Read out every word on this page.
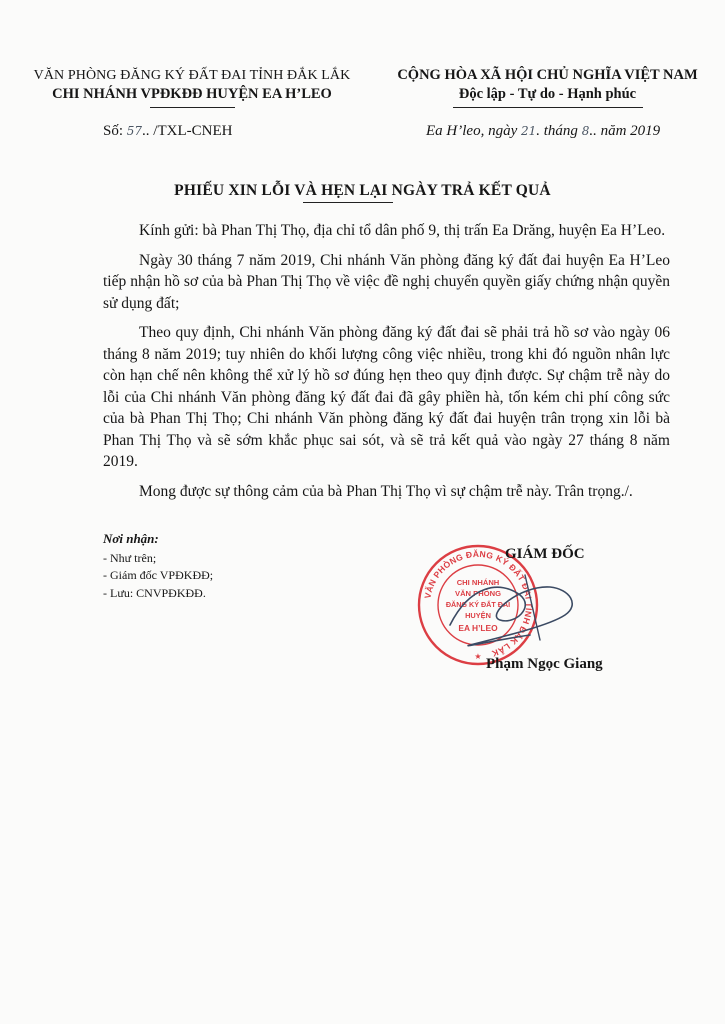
VĂN PHÒNG ĐĂNG KÝ ĐẤT ĐAI TỈNH ĐẮK LẮK
CHI NHÁNH VPĐKĐĐ HUYỆN EA H’LEO
CỘNG HÒA XÃ HỘI CHỦ NGHĨA VIỆT NAM
Độc lập - Tự do - Hạnh phúc
Số: 57.. /TXL-CNEH	Ea H’leo, ngày 21. tháng 8.. năm 2019
PHIẾU XIN LỖI VÀ HẸN LẠI NGÀY TRẢ KẾT QUẢ

Kính gửi: bà Phan Thị Thọ, địa chỉ tổ dân phố 9, thị trấn Ea Drăng, huyện Ea H’Leo.

Ngày 30 tháng 7 năm 2019, Chi nhánh Văn phòng đăng ký đất đai huyện Ea H’Leo tiếp nhận hồ sơ của bà Phan Thị Thọ về việc đề nghị chuyển quyền giấy chứng nhận quyền sử dụng đất;

Theo quy định, Chi nhánh Văn phòng đăng ký đất đai sẽ phải trả hồ sơ vào ngày 06 tháng 8 năm 2019; tuy nhiên do khối lượng công việc nhiều, trong khi đó nguồn nhân lực còn hạn chế nên không thể xử lý hồ sơ đúng hẹn theo quy định được. Sự chậm trễ này do lỗi của Chi nhánh Văn phòng đăng ký đất đai đã gây phiền hà, tốn kém chi phí công sức của bà Phan Thị Thọ; Chi nhánh Văn phòng đăng ký đất đai huyện trân trọng xin lỗi bà Phan Thị Thọ và sẽ sớm khắc phục sai sót, và sẽ trả kết quả vào ngày 27 tháng 8 năm 2019.

Mong được sự thông cảm của bà Phan Thị Thọ vì sự chậm trễ này. Trân trọng./.

Nơi nhận:
- Như trên;
- Giám đốc VPĐKĐĐ;
- Lưu: CNVPĐKĐĐ.	VĂN PHÒNG ĐĂNG KÝ ĐẤT ĐAI TỈNH ĐẮK LẮK
CHI NHÁNH
VĂN PHÒNG
ĐĂNG KÝ ĐẤT ĐAI
HUYỆN
EA H’LEO
★
GIÁM ĐỐC
Phạm Ngọc Giang
